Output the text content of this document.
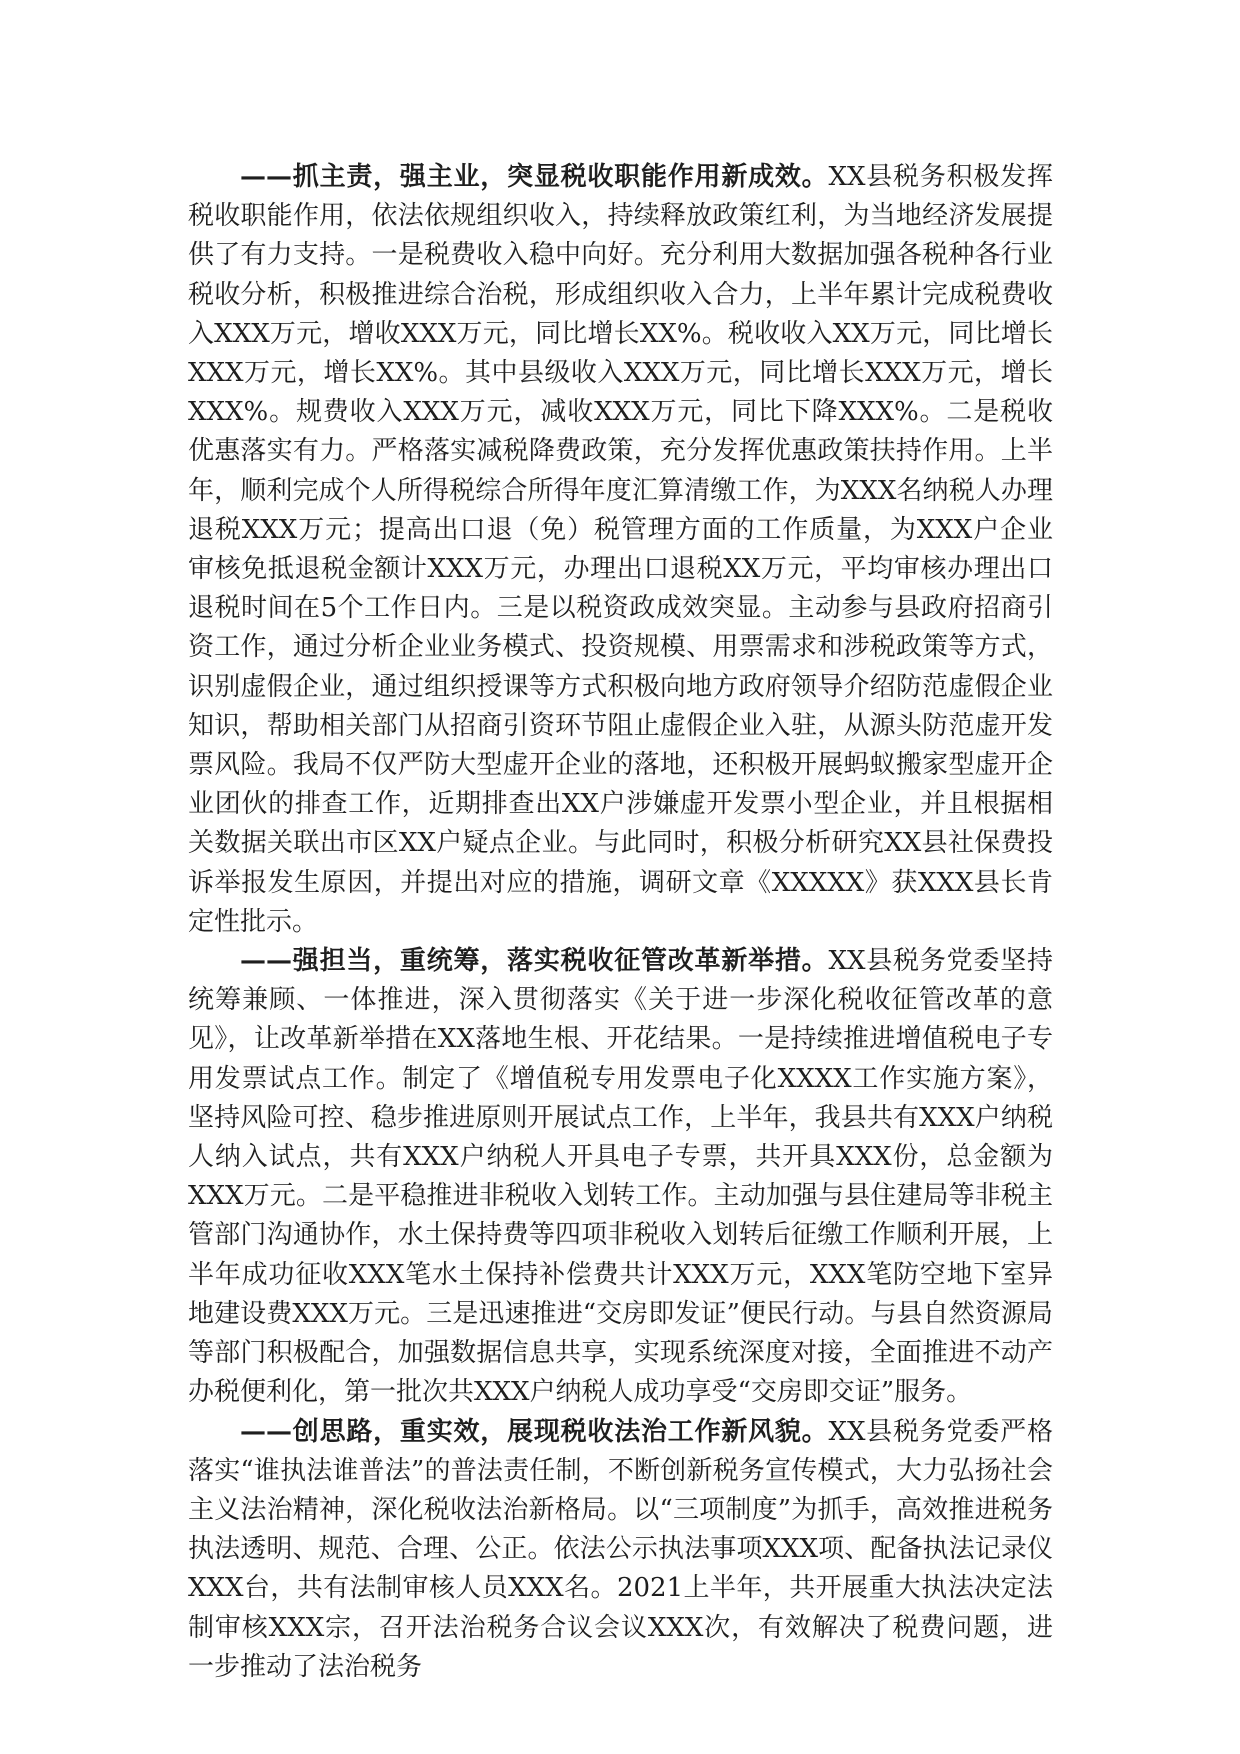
——抓主责，强主业，突显税收职能作用新成效。XX县税务积极发挥税收职能作用，依法依规组织收入，持续释放政策红利，为当地经济发展提供了有力支持。一是税费收入稳中向好。充分利用大数据加强各税种各行业税收分析，积极推进综合治税，形成组织收入合力，上半年累计完成税费收入XXX万元，增收XXX万元，同比增长XX%。税收收入XX万元，同比增长XXX万元，增长XX%。其中县级收入XXX万元，同比增长XXX万元，增长XXX%。规费收入XXX万元，减收XXX万元，同比下降XXX%。二是税收优惠落实有力。严格落实减税降费政策，充分发挥优惠政策扶持作用。上半年，顺利完成个人所得税综合所得年度汇算清缴工作，为XXX名纳税人办理退税XXX万元；提高出口退（免）税管理方面的工作质量，为XXX户企业审核免抵退税金额计XXX万元，办理出口退税XX万元，平均审核办理出口退税时间在5个工作日内。三是以税资政成效突显。主动参与县政府招商引资工作，通过分析企业业务模式、投资规模、用票需求和涉税政策等方式，识别虚假企业，通过组织授课等方式积极向地方政府领导介绍防范虚假企业知识，帮助相关部门从招商引资环节阻止虚假企业入驻，从源头防范虚开发票风险。我局不仅严防大型虚开企业的落地，还积极开展蚂蚁搬家型虚开企业团伙的排查工作，近期排查出XX户涉嫌虚开发票小型企业，并且根据相关数据关联出市区XX户疑点企业。与此同时，积极分析研究XX县社保费投诉举报发生原因，并提出对应的措施，调研文章《XXXXX》获XXX县长肯定性批示。

——强担当，重统筹，落实税收征管改革新举措。XX县税务党委坚持统筹兼顾、一体推进，深入贯彻落实《关于进一步深化税收征管改革的意见》，让改革新举措在XX落地生根、开花结果。一是持续推进增值税电子专用发票试点工作。制定了《增值税专用发票电子化XXXX工作实施方案》，坚持风险可控、稳步推进原则开展试点工作，上半年，我县共有XXX户纳税人纳入试点，共有XXX户纳税人开具电子专票，共开具XXX份，总金额为XXX万元。二是平稳推进非税收入划转工作。主动加强与县住建局等非税主管部门沟通协作，水土保持费等四项非税收入划转后征缴工作顺利开展，上半年成功征收XXX笔水土保持补偿费共计XXX万元，XXX笔防空地下室异地建设费XXX万元。三是迅速推进“交房即发证”便民行动。与县自然资源局等部门积极配合，加强数据信息共享，实现系统深度对接，全面推进不动产办税便利化，第一批次共XXX户纳税人成功享受“交房即交证”服务。

——创思路，重实效，展现税收法治工作新风貌。XX县税务党委严格落实“谁执法谁普法”的普法责任制，不断创新税务宣传模式，大力弘扬社会主义法治精神，深化税收法治新格局。以“三项制度”为抓手，高效推进税务执法透明、规范、合理、公正。依法公示执法事项XXX项、配备执法记录仪XXX台，共有法制审核人员XXX名。2021上半年，共开展重大执法决定法制审核XXX宗，召开法治税务合议会议XXX次，有效解决了税费问题，进一步推动了法治税务
